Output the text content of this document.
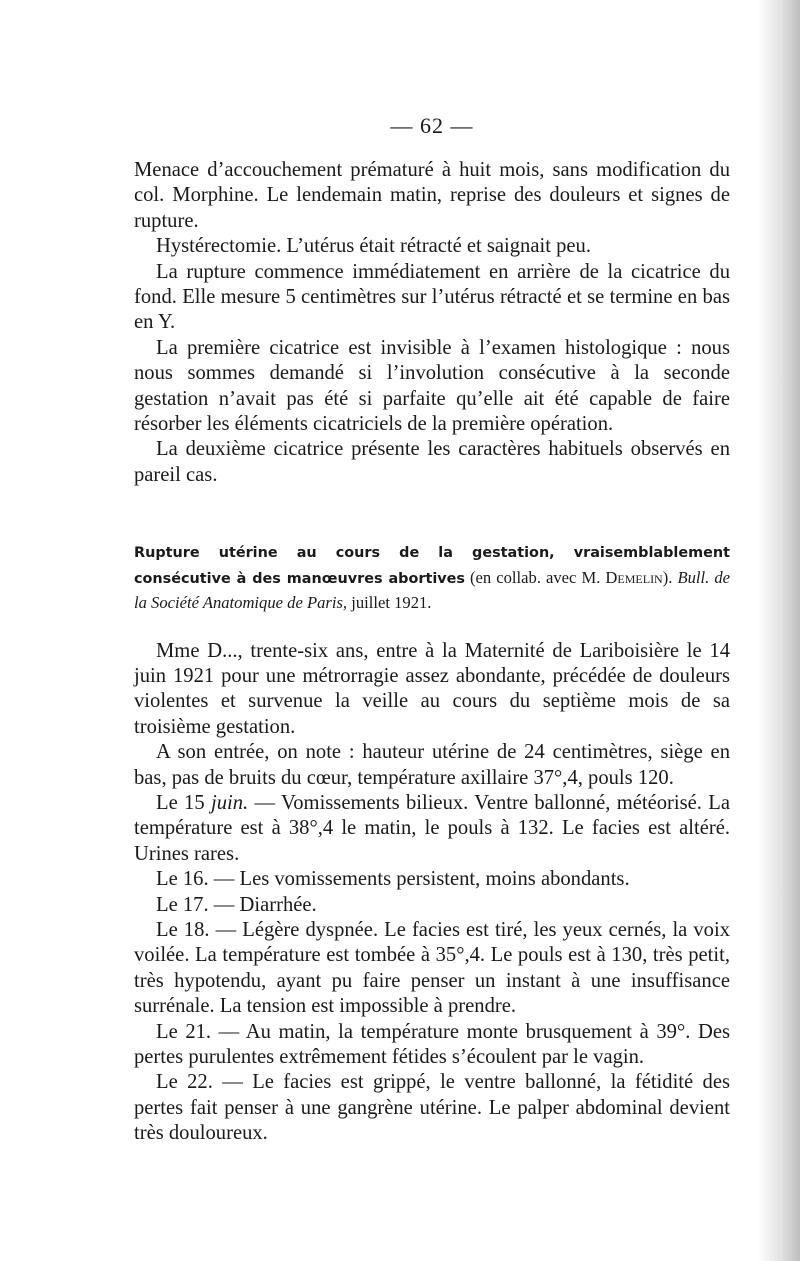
— 62 —

Menace d’accouchement prématuré à huit mois, sans modification du col. Morphine. Le lendemain matin, reprise des douleurs et signes de rupture.

Hystérectomie. L’utérus était rétracté et saignait peu.

La rupture commence immédiatement en arrière de la cicatrice du fond. Elle mesure 5 centimètres sur l’utérus rétracté et se termine en bas en Y.

La première cicatrice est invisible à l’examen histologique : nous nous sommes demandé si l’involution consécutive à la seconde gestation n’avait pas été si parfaite qu’elle ait été capable de faire résorber les éléments cicatriciels de la première opération.

La deuxième cicatrice présente les caractères habituels observés en pareil cas.

Rupture utérine au cours de la gestation, vraisemblablement consécutive à des manœuvres abortives (en collab. avec M. Demelin). Bull. de la Société Anatomique de Paris, juillet 1921.

Mme D..., trente-six ans, entre à la Maternité de Lariboisière le 14 juin 1921 pour une métrorragie assez abondante, précédée de douleurs violentes et survenue la veille au cours du septième mois de sa troisième gestation.

A son entrée, on note : hauteur utérine de 24 centimètres, siège en bas, pas de bruits du cœur, température axillaire 37°,4, pouls 120.

Le 15 juin. — Vomissements bilieux. Ventre ballonné, météorisé. La température est à 38°,4 le matin, le pouls à 132. Le facies est altéré. Urines rares.

Le 16. — Les vomissements persistent, moins abondants.

Le 17. — Diarrhée.

Le 18. — Légère dyspnée. Le facies est tiré, les yeux cernés, la voix voilée. La température est tombée à 35°,4. Le pouls est à 130, très petit, très hypotendu, ayant pu faire penser un instant à une insuffisance surrénale. La tension est impossible à prendre.

Le 21. — Au matin, la température monte brusquement à 39°. Des pertes purulentes extrêmement fétides s’écoulent par le vagin.

Le 22. — Le facies est grippé, le ventre ballonné, la fétidité des pertes fait penser à une gangrène utérine. Le palper abdominal devient très douloureux.
